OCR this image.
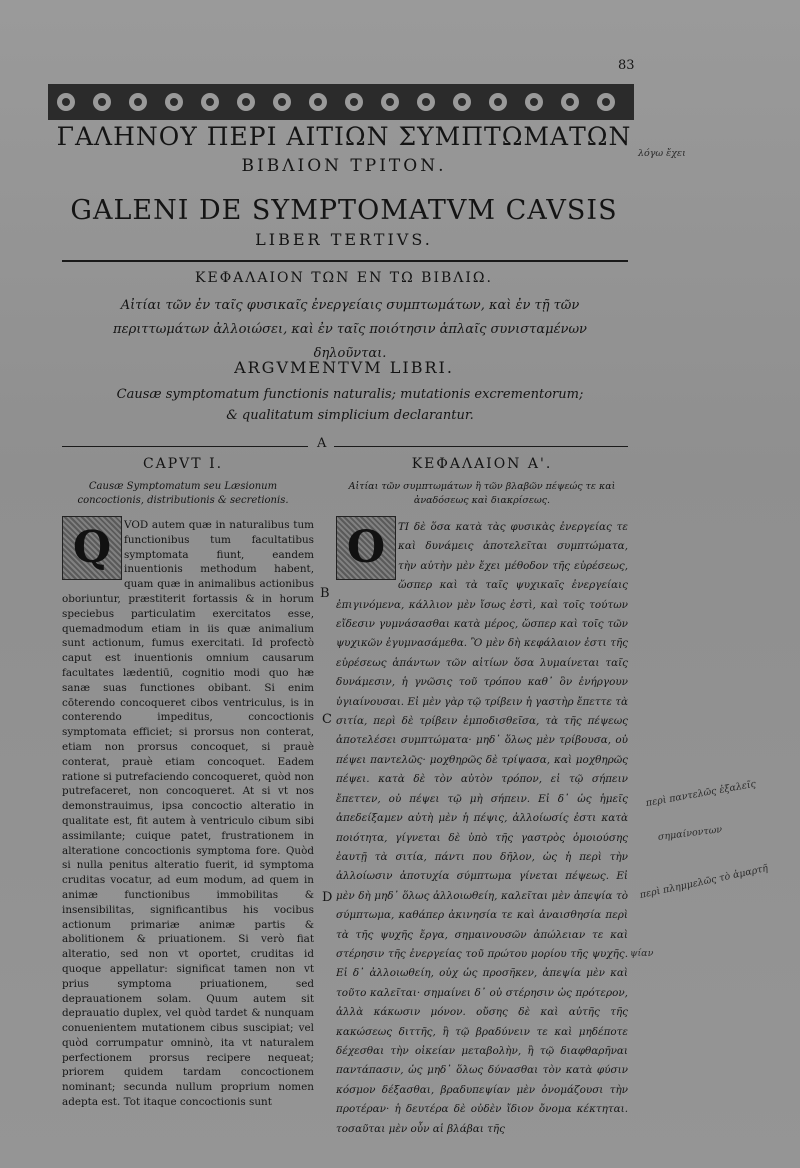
83
ΓΑΛΗΝΟΥ ΠΕΡΙ ΑΙΤΙΩΝ ΣΥΜΠΤΩΜΑΤΩΝ
ΒΙΒΛΙΟΝ ΤΡΙΤΟΝ.
GALENI DE SYMPTOMATVM CAVSIS
LIBER TERTIVS.
ΚΕΦΑΛΑΙΟΝ ΤΩΝ ΕΝ ΤΩ ΒΙΒΛΙΩ.
Αἰτίαι τῶν ἐν ταῖς φυσικαῖς ἐνεργείαις συμπτωμάτων, καὶ ἐν τῇ τῶν περιττωμάτων ἀλλοιώσει, καὶ ἐν ταῖς ποιότησιν ἁπλαῖς συνισταμένων δηλοῦνται.
ARGVMENTVM LIBRI.
Causæ symptomatum functionis naturalis; mutationis excrementorum; & qualitatum simplicium declarantur.
A
B
C
D
CAPVT I.
Causæ Symptomatum seu Læsionum concoctionis, distributionis & secretionis.
ΚΕΦΑΛΑΙΟΝ Α'.
Αἰτίαι τῶν συμπτωμάτων ἢ τῶν βλαβῶν πέψεώς τε καὶ ἀναδόσεως καὶ διακρίσεως.
VOD autem quæ in naturalibus tum functionibus tum facultatibus symptomata fiunt, eandem inuentionis methodum habent, quam quæ in animalibus actionibus oboriuntur, præstiterit fortassis & in horum speciebus particulatim exercitatos esse, quemadmodum etiam in iis quæ animalium sunt actionum, fumus exercitati. Id profectò caput est inuentionis omnium causarum facultates lædentiū, cognitio modi quo hæ sanæ suas functiones obibant. Si enim cōterendo concoqueret cibos ventriculus, is in conterendo impeditus, concoctionis symptomata efficiet; si prorsus non conterat, etiam non prorsus concoquet, si prauè conterat, prauè etiam concoquet. Eadem ratione si putrefaciendo concoqueret, quòd non putrefaceret, non concoqueret. At si vt nos demonstrauimus, ipsa concoctio alteratio in qualitate est, fit autem à ventriculo cibum sibi assimilante; cuique patet, frustrationem in alteratione concoctionis symptoma fore. Quòd si nulla penitus alteratio fuerit, id symptoma cruditas vocatur, ad eum modum, ad quem in animæ functionibus immobilitas & insensibilitas, significantibus his vocibus actionum primariæ animæ partis & abolitionem & priuationem. Si verò fiat alteratio, sed non vt oportet, cruditas id quoque appellatur: significat tamen non vt prius symptoma priuationem, sed deprauationem solam. Quum autem sit deprauatio duplex, vel quòd tardet & nunquam conuenientem mutationem cibus suscipiat; vel quòd corrumpatur omninò, ita vt naturalem perfectionem prorsus recipere nequeat; priorem quidem tardam concoctionem nominant; secunda nullum proprium nomen adepta est. Tot itaque concoctionis sunt
ΤΙ δὲ ὅσα κατὰ τὰς φυσικὰς ἐνεργείας τε καὶ δυνάμεις ἀποτελεῖται συμπτώματα, τὴν αὐτὴν μὲν ἔχει μέθοδον τῆς εὑρέσεως, ὥσπερ καὶ τὰ ταῖς ψυχικαῖς ἐνεργείαις ἐπιγινόμενα, κάλλιον μὲν ἴσως ἐστὶ, καὶ τοῖς τούτων εἴδεσιν γυμνάσασθαι κατὰ μέρος, ὥσπερ καὶ τοῖς τῶν ψυχικῶν ἐγυμνασάμεθα. Ὃ μὲν δὴ κεφάλαιον ἐστι τῆς εὑρέσεως ἁπάντων τῶν αἰτίων ὅσα λυμαίνεται ταῖς δυνάμεσιν, ἡ γνῶσις τοῦ τρόπου καθ᾽ ὃν ἐνήργουν ὑγιαίνουσαι. Εἰ μὲν γὰρ τῷ τρίβειν ἡ γαστὴρ ἔπεττε τὰ σιτία, περὶ δὲ τρίβειν ἐμποδισθεῖσα, τὰ τῆς πέψεως ἀποτελέσει συμπτώματα· μηδ᾽ ὅλως μὲν τρίβουσα, οὐ πέψει παντελῶς· μοχθηρῶς δὲ τρίψασα, καὶ μοχθηρῶς πέψει. κατὰ δὲ τὸν αὐτὸν τρόπον, εἰ τῷ σήπειν ἔπεττεν, οὐ πέψει τῷ μὴ σήπειν. Εἰ δ᾽ ὡς ἡμεῖς ἀπεδείξαμεν αὐτὴ μὲν ἡ πέψις, ἀλλοίωσίς ἐστι κατὰ ποιότητα, γίγνεται δὲ ὑπὸ τῆς γαστρὸς ὁμοιούσης ἑαυτῇ τὰ σιτία, πάντι που δῆλον, ὡς ἡ περὶ τὴν ἀλλοίωσιν ἀποτυχία σύμπτωμα γίνεται πέψεως. Εἰ μὲν δὴ μηδ᾽ ὅλως ἀλλοιωθείη, καλεῖται μὲν ἀπεψία τὸ σύμπτωμα, καθάπερ ἀκινησία τε καὶ ἀναισθησία περὶ τὰ τῆς ψυχῆς ἔργα, σημαινουσῶν ἀπώλειαν τε καὶ στέρησιν τῆς ἐνεργείας τοῦ πρώτου μορίου τῆς ψυχῆς. Εἰ δ᾽ ἀλλοιωθείη, οὐχ ὡς προσῆκεν, ἀπεψία μὲν καὶ τοῦτο καλεῖται· σημαίνει δ᾽ οὐ στέρησιν ὡς πρότερον, ἀλλὰ κάκωσιν μόνον. οὔσης δὲ καὶ αὐτῆς τῆς κακώσεως διττῆς, ἢ τῷ βραδύνειν τε καὶ μηδέποτε δέχεσθαι τὴν οἰκείαν μεταβολὴν, ἢ τῷ διαφθαρῆναι παντάπασιν, ὡς μηδ᾽ ὅλως δύνασθαι τὸν κατὰ φύσιν κόσμον δέξασθαι, βραδυπεψίαν μὲν ὀνομάζουσι τὴν προτέραν· ἡ δευτέρα δὲ οὐδὲν ἴδιον ὄνομα κέκτηται. τοσαῦται μὲν οὖν αἱ βλάβαι τῆς
Q	Ο
λόγω ἔχει
περὶ παντελῶς ἐξαλεῖς
σημαίνοντων
περὶ πλημμελῶς τὸ ἀμαρτῆ
ψίαν
